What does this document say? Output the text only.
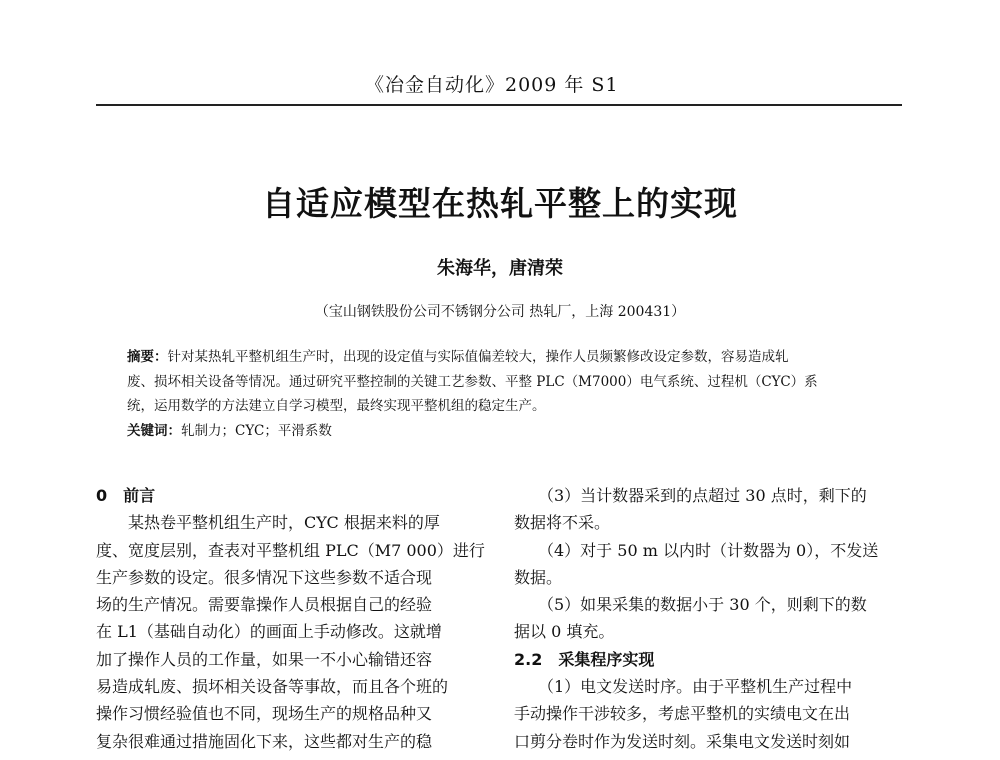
《冶金自动化》2009 年 S1
自适应模型在热轧平整上的实现
朱海华，唐清荣
（宝山钢铁股份公司不锈钢分公司 热轧厂，上海 200431）
摘要：针对某热轧平整机组生产时，出现的设定值与实际值偏差较大，操作人员频繁修改设定参数，容易造成轧
废、损坏相关设备等情况。通过研究平整控制的关键工艺参数、平整 PLC（M7000）电气系统、过程机（CYC）系
统，运用数学的方法建立自学习模型，最终实现平整机组的稳定生产。
关键词：轧制力；CYC；平滑系数
0　前言
　　某热卷平整机组生产时，CYC 根据来料的厚
度、宽度层别，查表对平整机组 PLC（M7 000）进行
生产参数的设定。很多情况下这些参数不适合现
场的生产情况。需要靠操作人员根据自己的经验
在 L1（基础自动化）的画面上手动修改。这就增
加了操作人员的工作量，如果一不小心输错还容
易造成轧废、损坏相关设备等事故，而且各个班的
操作习惯经验值也不同，现场生产的规格品种又
复杂很难通过措施固化下来，这些都对生产的稳
　　（3）当计数器采到的点超过 30 点时，剩下的
数据将不采。
　　（4）对于 50 m 以内时（计数器为 0），不发送
数据。
　　（5）如果采集的数据小于 30 个，则剩下的数
据以 0 填充。
2.2　采集程序实现
　　（1）电文发送时序。由于平整机生产过程中
手动操作干涉较多，考虑平整机的实绩电文在出
口剪分卷时作为发送时刻。采集电文发送时刻如
